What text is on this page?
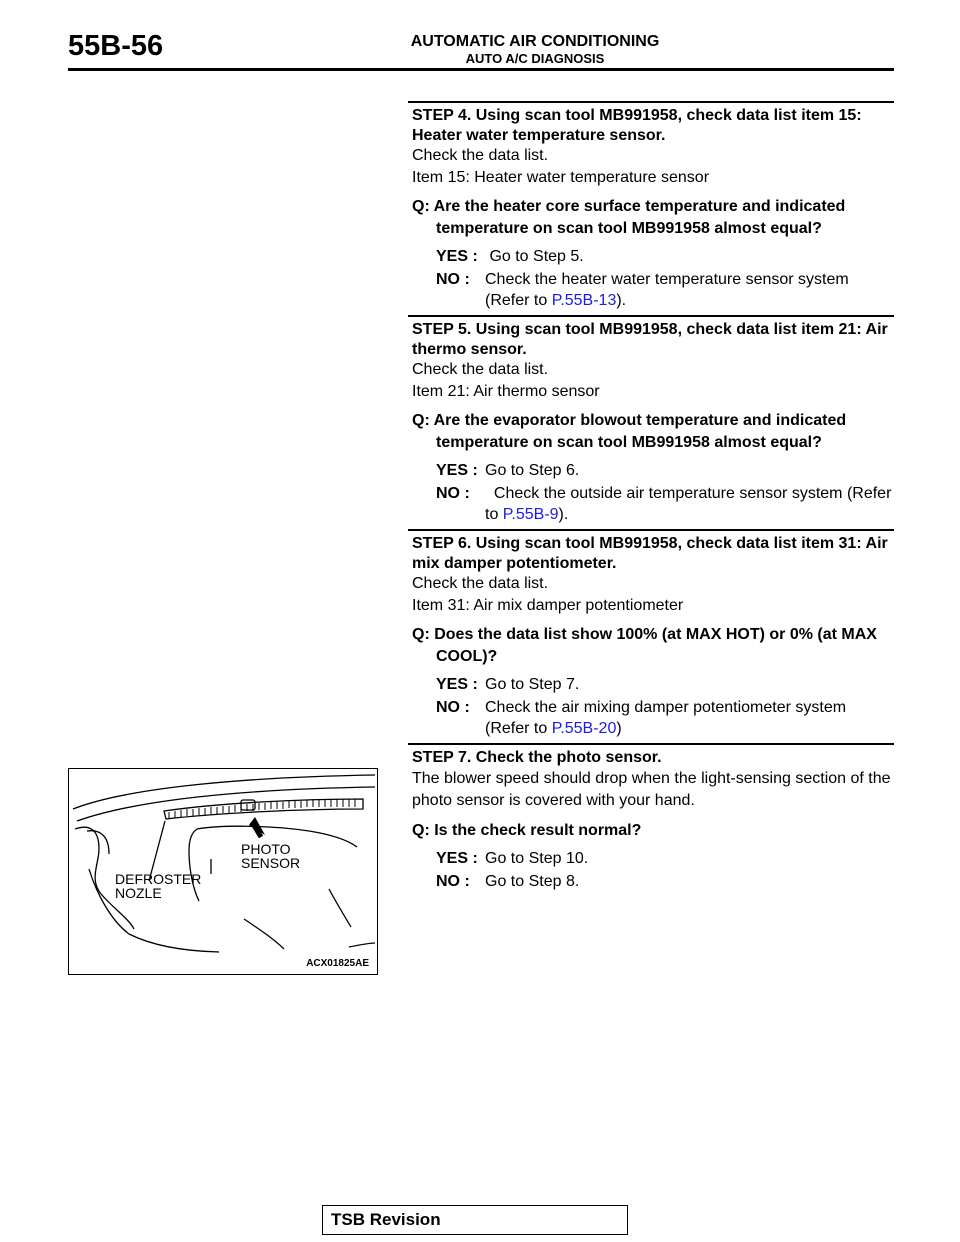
55B-56	AUTOMATIC AIR CONDITIONING
AUTO A/C DIAGNOSIS
STEP 4. Using scan tool MB991958, check data list item 15: Heater water temperature sensor.

Check the data list.

Item 15: Heater water temperature sensor

Q: Are the heater core surface temperature and indicated temperature on scan tool MB991958 almost equal?
YES : Go to Step 5.
NO : Check the heater water temperature sensor system (Refer to P.55B-13).
STEP 5. Using scan tool MB991958, check data list item 21: Air thermo sensor.

Check the data list.

Item 21: Air thermo sensor

Q: Are the evaporator blowout temperature and indicated temperature on scan tool MB991958 almost equal?
YES : Go to Step 6.
NO : Check the outside air temperature sensor system (Refer to P.55B-9).
STEP 6. Using scan tool MB991958, check data list item 31: Air mix damper potentiometer.

Check the data list.

Item 31: Air mix damper potentiometer

Q: Does the data list show 100% (at MAX HOT) or 0% (at MAX COOL)?
YES : Go to Step 7.
NO : Check the air mixing damper potentiometer system (Refer to P.55B-20)
STEP 7. Check the photo sensor.

The blower speed should drop when the light-sensing section of the photo sensor is covered with your hand.

Q: Is the check result normal?
YES : Go to Step 10.
NO : Go to Step 8.
PHOTO
SENSOR
DEFROSTER
NOZLE
ACX01825AE
TSB Revision
